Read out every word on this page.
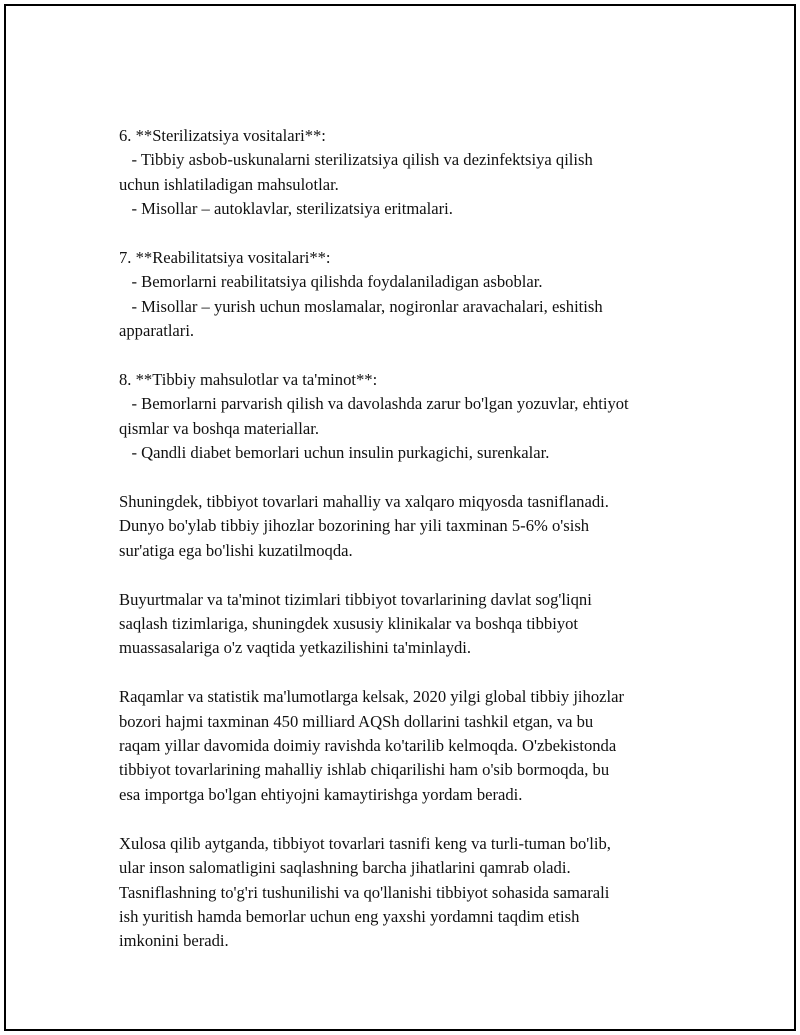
6. **Sterilizatsiya vositalari**:
- Tibbiy asbob-uskunalarni sterilizatsiya qilish va dezinfektsiya qilish
uchun ishlatiladigan mahsulotlar.
- Misollar – autoklavlar, sterilizatsiya eritmalari.
7. **Reabilitatsiya vositalari**:
- Bemorlarni reabilitatsiya qilishda foydalaniladigan asboblar.
- Misollar – yurish uchun moslamalar, nogironlar aravachalari, eshitish
apparatlari.
8. **Tibbiy mahsulotlar va ta'minot**:
- Bemorlarni parvarish qilish va davolashda zarur bo'lgan yozuvlar, ehtiyot
qismlar va boshqa materiallar.
- Qandli diabet bemorlari uchun insulin purkagichi, surenkalar.
Shuningdek, tibbiyot tovarlari mahalliy va xalqaro miqyosda tasniflanadi.
Dunyo bo'ylab tibbiy jihozlar bozorining har yili taxminan 5-6% o'sish
sur'atiga ega bo'lishi kuzatilmoqda.
Buyurtmalar va ta'minot tizimlari tibbiyot tovarlarining davlat sog'liqni
saqlash tizimlariga, shuningdek xususiy klinikalar va boshqa tibbiyot
muassasalariga o'z vaqtida yetkazilishini ta'minlaydi.
Raqamlar va statistik ma'lumotlarga kelsak, 2020 yilgi global tibbiy jihozlar
bozori hajmi taxminan 450 milliard AQSh dollarini tashkil etgan, va bu
raqam yillar davomida doimiy ravishda ko'tarilib kelmoqda. O'zbekistonda
tibbiyot tovarlarining mahalliy ishlab chiqarilishi ham o'sib bormoqda, bu
esa importga bo'lgan ehtiyojni kamaytirishga yordam beradi.
Xulosa qilib aytganda, tibbiyot tovarlari tasnifi keng va turli-tuman bo'lib,
ular inson salomatligini saqlashning barcha jihatlarini qamrab oladi.
Tasniflashning to'g'ri tushunilishi va qo'llanishi tibbiyot sohasida samarali
ish yuritish hamda bemorlar uchun eng yaxshi yordamni taqdim etish
imkonini beradi.
